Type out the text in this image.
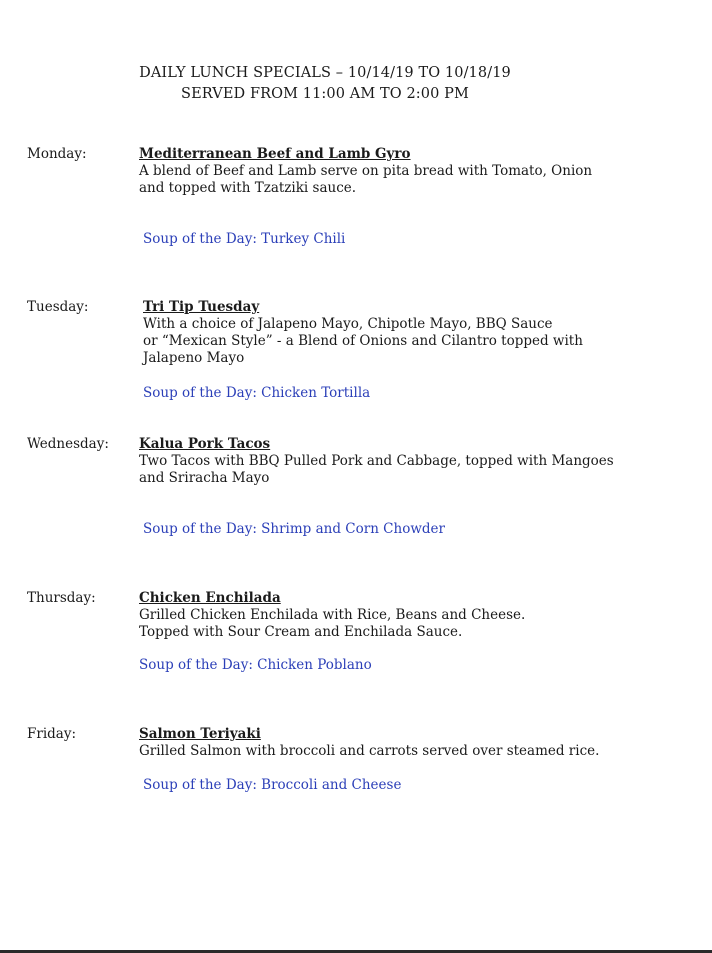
DAILY LUNCH SPECIALS – 10/14/19 TO 10/18/19
SERVED FROM 11:00 AM TO 2:00 PM
Monday:	Mediterranean Beef and Lamb Gyro
A blend of Beef and Lamb serve on pita bread with Tomato, Onion
and topped with Tzatziki sauce.
Soup of the Day: Turkey Chili
Tuesday:	Tri Tip Tuesday
With a choice of Jalapeno Mayo, Chipotle Mayo, BBQ Sauce
or “Mexican Style” - a Blend of Onions and Cilantro topped with
Jalapeno Mayo
Soup of the Day: Chicken Tortilla
Wednesday: Kalua Pork Tacos
Two Tacos with BBQ Pulled Pork and Cabbage, topped with Mangoes
and Sriracha Mayo
Soup of the Day: Shrimp and Corn Chowder
Thursday:	Chicken Enchilada
Grilled Chicken Enchilada with Rice, Beans and Cheese.
Topped with Sour Cream and Enchilada Sauce.
Soup of the Day: Chicken Poblano
Friday:	Salmon Teriyaki
Grilled Salmon with broccoli and carrots served over steamed rice.
Soup of the Day: Broccoli and Cheese
